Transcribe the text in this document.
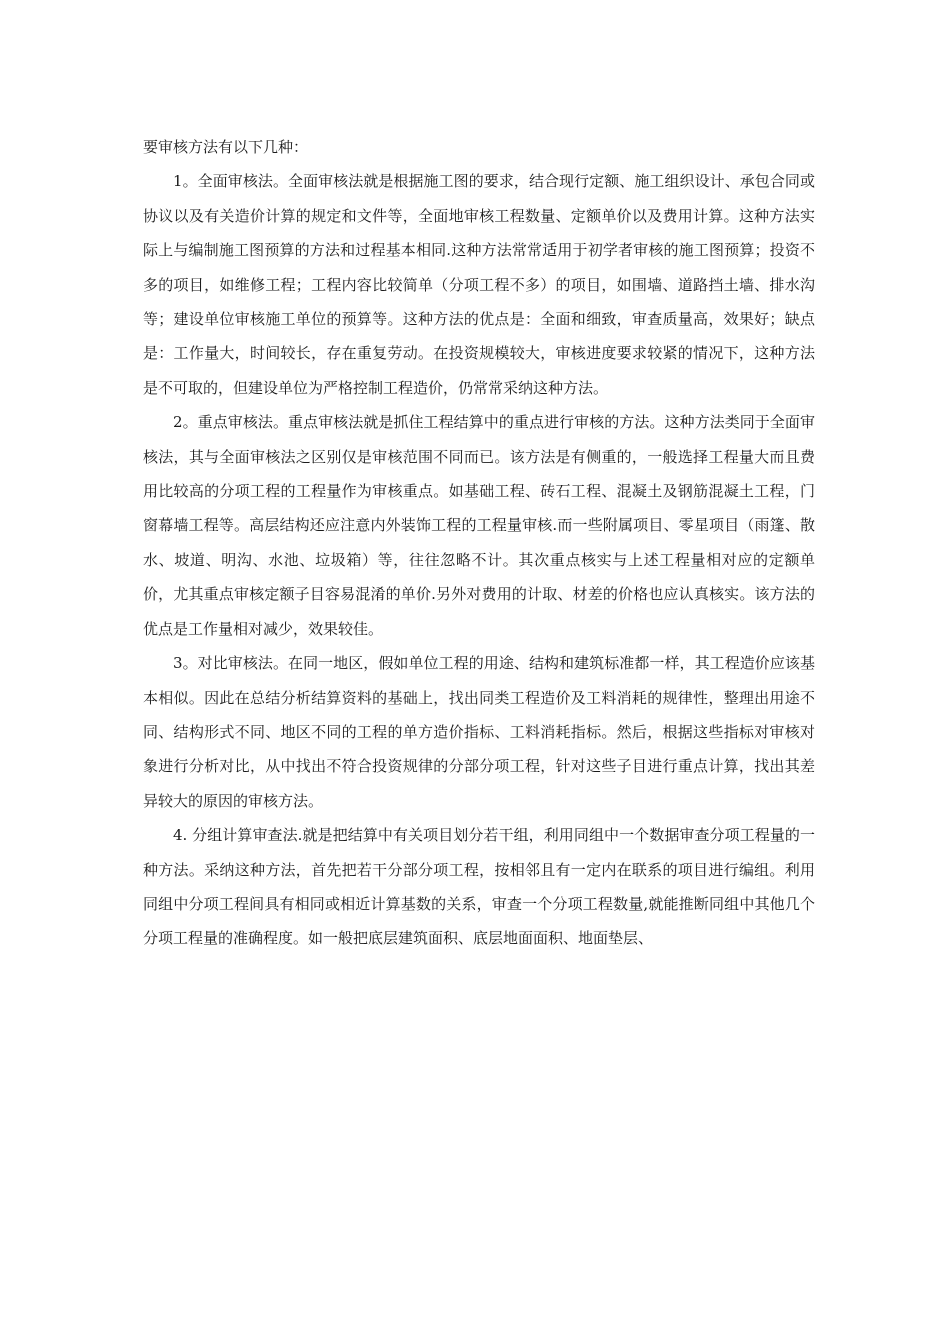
要审核方法有以下几种：

1。全面审核法。全面审核法就是根据施工图的要求，结合现行定额、施工组织设计、承包合同或协议以及有关造价计算的规定和文件等，全面地审核工程数量、定额单价以及费用计算。这种方法实际上与编制施工图预算的方法和过程基本相同.这种方法常常适用于初学者审核的施工图预算；投资不多的项目，如维修工程；工程内容比较简单（分项工程不多）的项目，如围墙、道路挡土墙、排水沟等；建设单位审核施工单位的预算等。这种方法的优点是：全面和细致，审查质量高，效果好；缺点是：工作量大，时间较长，存在重复劳动。在投资规模较大，审核进度要求较紧的情况下，这种方法是不可取的，但建设单位为严格控制工程造价，仍常常采纳这种方法。

2。重点审核法。重点审核法就是抓住工程结算中的重点进行审核的方法。这种方法类同于全面审核法，其与全面审核法之区别仅是审核范围不同而已。该方法是有侧重的，一般选择工程量大而且费用比较高的分项工程的工程量作为审核重点。如基础工程、砖石工程、混凝土及钢筋混凝土工程，门窗幕墙工程等。高层结构还应注意内外装饰工程的工程量审核.而一些附属项目、零星项目（雨篷、散水、坡道、明沟、水池、垃圾箱）等，往往忽略不计。其次重点核实与上述工程量相对应的定额单价，尤其重点审核定额子目容易混淆的单价.另外对费用的计取、材差的价格也应认真核实。该方法的优点是工作量相对减少，效果较佳。

3。对比审核法。在同一地区，假如单位工程的用途、结构和建筑标准都一样，其工程造价应该基本相似。因此在总结分析结算资料的基础上，找出同类工程造价及工料消耗的规律性，整理出用途不同、结构形式不同、地区不同的工程的单方造价指标、工料消耗指标。然后，根据这些指标对审核对象进行分析对比，从中找出不符合投资规律的分部分项工程，针对这些子目进行重点计算，找出其差异较大的原因的审核方法。

4. 分组计算审查法.就是把结算中有关项目划分若干组，利用同组中一个数据审查分项工程量的一种方法。采纳这种方法，首先把若干分部分项工程，按相邻且有一定内在联系的项目进行编组。利用同组中分项工程间具有相同或相近计算基数的关系，审查一个分项工程数量,就能推断同组中其他几个分项工程量的准确程度。如一般把底层建筑面积、底层地面面积、地面垫层、
